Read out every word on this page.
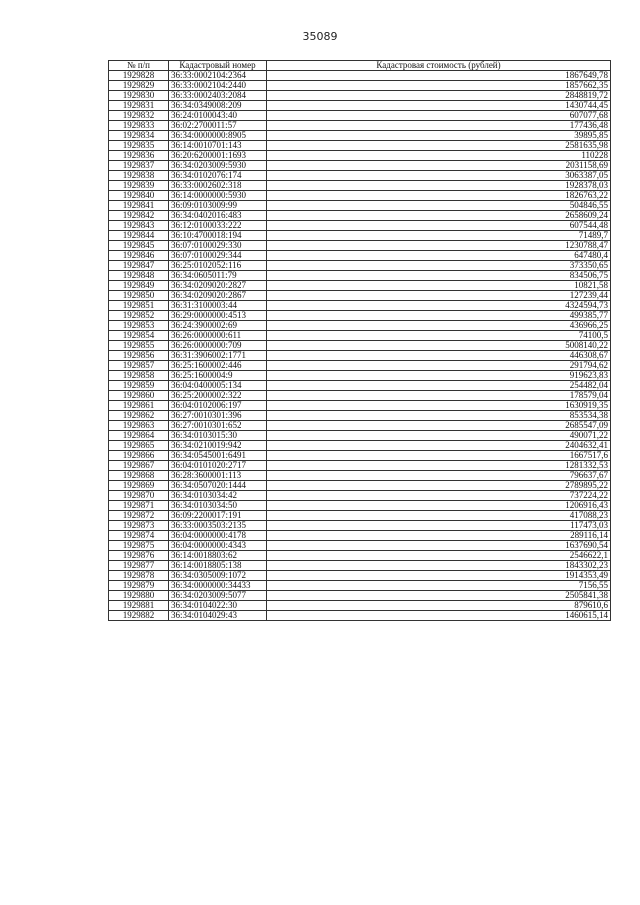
35089
№ п/п	Кадастровый номер	Кадастровая стоимость (рублей)
1929828	36:33:0002104:2364	1867649,78
1929829	36:33:0002104:2440	1857662,35
1929830	36:33:0002403:2084	2848819,72
1929831	36:34:0349008:209	1430744,45
1929832	36:24:0100043:40	607077,68
1929833	36:02:2700011:57	177436,48
1929834	36:34:0000000:8905	39895,85
1929835	36:14:0010701:143	2581635,98
1929836	36:20:6200001:1693	110228
1929837	36:34:0203009:5930	2031158,69
1929838	36:34:0102076:174	3063387,05
1929839	36:33:0002602:318	1928378,03
1929840	36:14:0000000:5930	1826763,22
1929841	36:09:0103009:99	504846,55
1929842	36:34:0402016:483	2658609,24
1929843	36:12:0100033:222	607544,48
1929844	36:10:4700018:194	71489,7
1929845	36:07:0100029:330	1230788,47
1929846	36:07:0100029:344	647480,4
1929847	36:25:0102052:116	373350,65
1929848	36:34:0605011:79	834506,75
1929849	36:34:0209020:2827	10821,58
1929850	36:34:0209020:2867	127239,44
1929851	36:31:3100003:44	4324594,73
1929852	36:29:0000000:4513	499385,77
1929853	36:24:3900002:69	436966,25
1929854	36:26:0000000:611	74100,5
1929855	36:26:0000000:709	5008140,22
1929856	36:31:3906002:1771	446308,67
1929857	36:25:1600002:446	291794,62
1929858	36:25:1600004:9	919623,83
1929859	36:04:0400005:134	254482,04
1929860	36:25:2000002:322	178579,04
1929861	36:04:0102006:197	1630919,35
1929862	36:27:0010301:396	853534,38
1929863	36:27:0010301:652	2685547,09
1929864	36:34:0103015:30	490071,22
1929865	36:34:0210019:942	2404632,41
1929866	36:34:0545001:6491	1667517,6
1929867	36:04:0101020:2717	1281332,53
1929868	36:28:3600001:113	796637,67
1929869	36:34:0507020:1444	2789895,22
1929870	36:34:0103034:42	737224,22
1929871	36:34:0103034:50	1206916,43
1929872	36:09:2200017:191	417088,23
1929873	36:33:0003503:2135	117473,03
1929874	36:04:0000000:4178	289116,14
1929875	36:04:0000000:4343	1637690,54
1929876	36:14:0018803:62	2546622,1
1929877	36:14:0018805:138	1843302,23
1929878	36:34:0305009:1072	1914353,49
1929879	36:34:0000000:34433	7156,55
1929880	36:34:0203009:5077	2505841,38
1929881	36:34:0104022:30	879610,6
1929882	36:34:0104029:43	1460615,14
